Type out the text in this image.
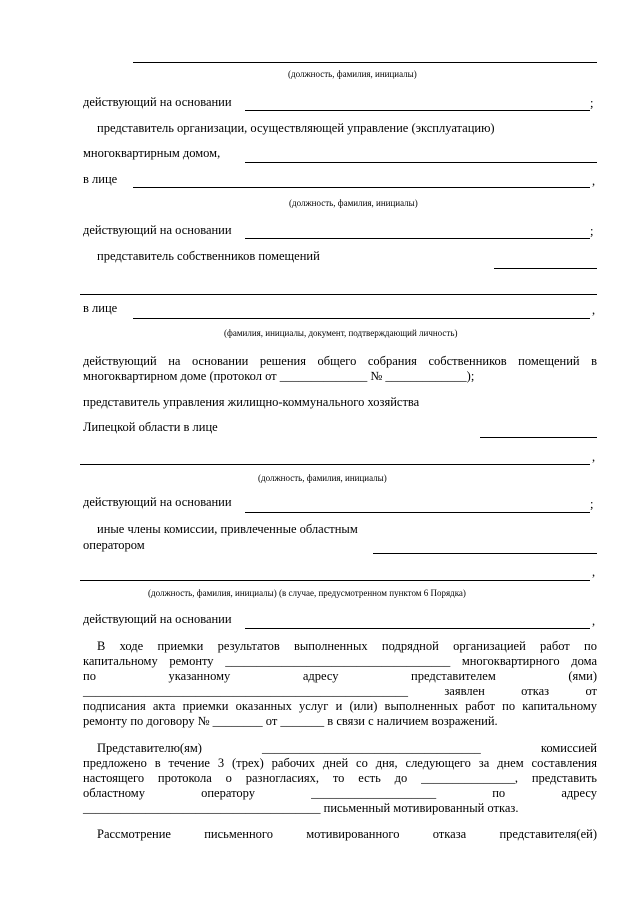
(должность, фамилия, инициалы)
действующий на основании	;
представитель организации, осуществляющей управление (эксплуатацию)
многоквартирным домом,
в лице	,
(должность, фамилия, инициалы)
действующий на основании	;
представитель собственников помещений
в лице	,
(фамилия, инициалы, документ, подтверждающий личность)
действующий на основании решения общего собрания собственников помещений в
многоквартирном доме (протокол от ______________ № _____________);
представитель управления жилищно-коммунального хозяйства
Липецкой области в лице
,
(должность, фамилия, инициалы)
действующий на основании	;
иные члены комиссии, привлеченные областным
оператором
,
(должность, фамилия, инициалы) (в случае, предусмотренном пунктом 6 Порядка)
действующий на основании	,
В ходе приемки результатов выполненных подрядной организацией работ по
капитальному ремонту ____________________________________ многоквартирного дома
по указанному адресу представителем (ями)
____________________________________________________ заявлен отказ от
подписания акта приемки оказанных услуг и (или) выполненных работ по капитальному
ремонту по договору № ________ от _______ в связи с наличием возражений.
Представителю(ям) ___________________________________ комиссией
предложено в течение 3 (трех) рабочих дней со дня, следующего за днем составления
настоящего протокола о разногласиях, то есть до _______________, представить
областному оператору ____________________ по адресу
______________________________________ письменный мотивированный отказ.
Рассмотрение письменного мотивированного отказа представителя(ей)
